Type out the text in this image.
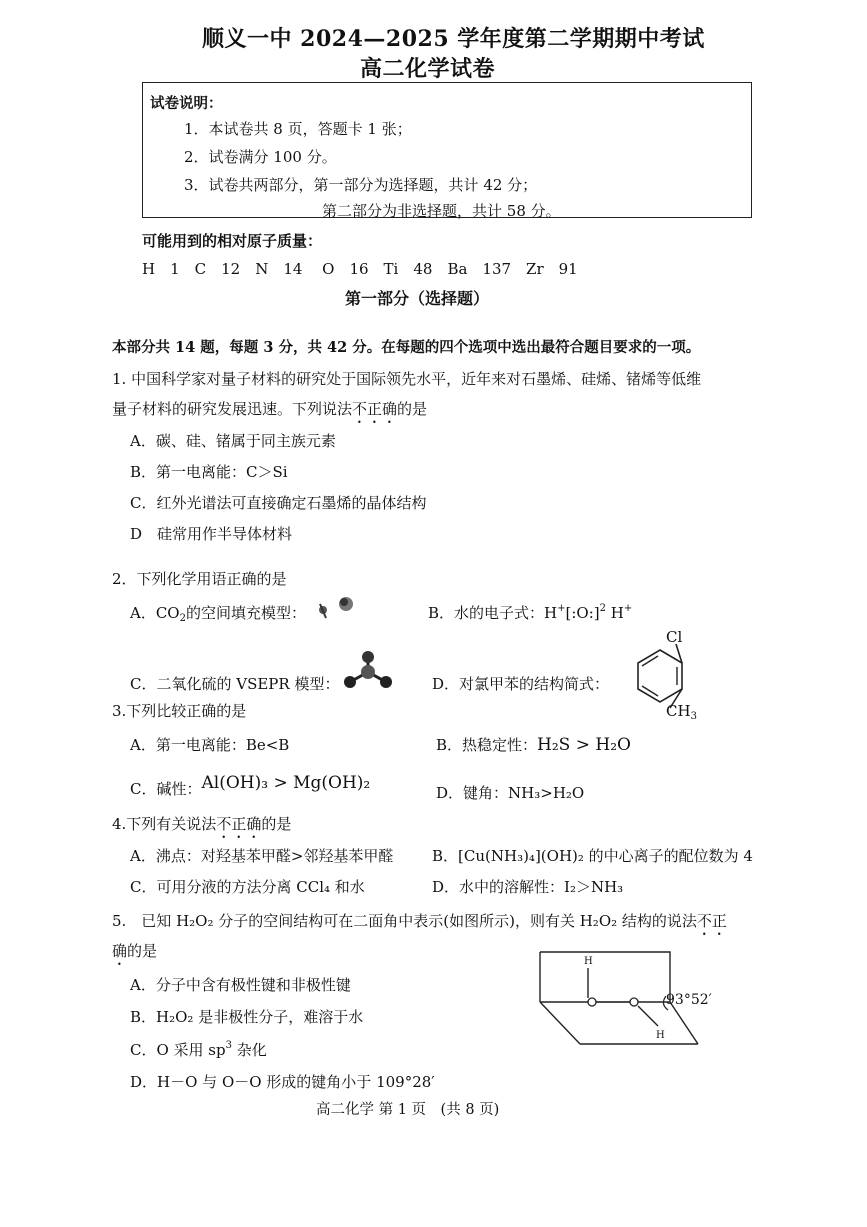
顺义一中 2024—2025 学年度第二学期期中考试
高二化学试卷
试卷说明：
1．本试卷共 8 页，答题卡 1 张；
2．试卷满分 100 分。
3．试卷共两部分，第一部分为选择题，共计 42 分；
第二部分为非选择题，共计 58 分。
可能用到的相对原子质量：
H　1　C　12　N　14　 O　16　Ti　48　Ba　137　Zr　91
第一部分（选择题）
本部分共 14 题，每题 3 分，共 42 分。在每题的四个选项中选出最符合题目要求的一项。
1. 中国科学家对量子材料的研究处于国际领先水平，近年来对石墨烯、硅烯、锗烯等低维
量子材料的研究发展迅速。下列说法不正确的是
A．碳、硅、锗属于同主族元素
B．第一电离能：C＞Si
C．红外光谱法可直接确定石墨烯的晶体结构
D　硅常用作半导体材料
2．下列化学用语正确的是
A．$CO_2$的空间填充模型：	B．水的电子式：H+[:O:]$^2$ H+
C．二氧化硫的 VSEPR 模型：	D．对氯甲苯的结构简式：
Cl
$CH_3$
3.下列比较正确的是
A．第一电离能：Be<B	B．热稳定性：H₂S > H₂O
C．碱性：Al(OH)₃ > Mg(OH)₂	D．键角：NH₃>H₂O
4.下列有关说法不正确的是
A．沸点：对羟基苯甲醛>邻羟基苯甲醛	B．[Cu(NH₃)₄](OH)₂ 的中心离子的配位数为 4
C．可用分液的方法分离 CCl₄ 和水	D．水中的溶解性：I₂＞NH₃
5.　已知 H₂O₂ 分子的空间结构可在二面角中表示(如图所示)，则有关 H₂O₂ 结构的说法不正
确的是
A．分子中含有极性键和非极性键
B．H₂O₂ 是非极性分子，难溶于水
C．O 采用 $sp^3$ 杂化
D．H－O 与 O－O 形成的键角小于 109°28′
H
H
93°52′
高二化学 第 1 页　(共 8 页)
